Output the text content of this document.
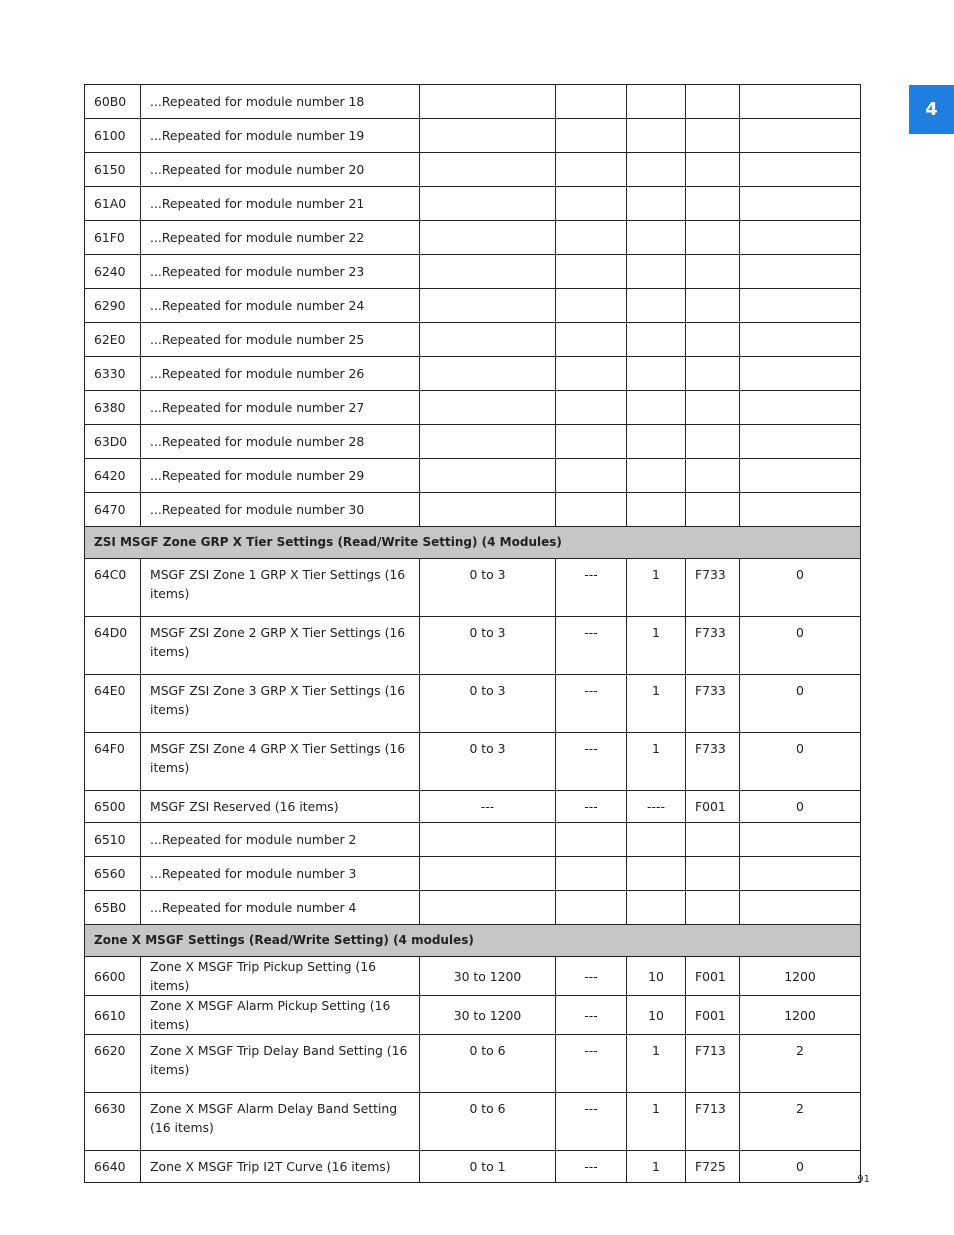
4
60B0	...Repeated for module number 18					
6100	...Repeated for module number 19					
6150	...Repeated for module number 20					
61A0	...Repeated for module number 21					
61F0	...Repeated for module number 22					
6240	...Repeated for module number 23					
6290	...Repeated for module number 24					
62E0	...Repeated for module number 25					
6330	...Repeated for module number 26					
6380	...Repeated for module number 27					
63D0	...Repeated for module number 28					
6420	...Repeated for module number 29					
6470	...Repeated for module number 30					
ZSI MSGF Zone GRP X Tier Settings (Read/Write Setting) (4 Modules)						
64C0	MSGF ZSI Zone 1 GRP X Tier Settings (16 items)	0 to 3	---	1	F733	0
64D0	MSGF ZSI Zone 2 GRP X Tier Settings (16 items)	0 to 3	---	1	F733	0
64E0	MSGF ZSI Zone 3 GRP X Tier Settings (16 items)	0 to 3	---	1	F733	0
64F0	MSGF ZSI Zone 4 GRP X Tier Settings (16 items)	0 to 3	---	1	F733	0
6500	MSGF ZSI Reserved (16 items)	---	---	----	F001	0
6510	...Repeated for module number 2					
6560	...Repeated for module number 3					
65B0	...Repeated for module number 4					
Zone X MSGF Settings (Read/Write Setting) (4 modules)						
6600	Zone X MSGF Trip Pickup Setting (16 items)	30 to 1200	---	10	F001	1200
6610	Zone X MSGF Alarm Pickup Setting (16 items)	30 to 1200	---	10	F001	1200
6620	Zone X MSGF Trip Delay Band Setting (16 items)	0 to 6	---	1	F713	2
6630	Zone X MSGF Alarm Delay Band Setting (16 items)	0 to 6	---	1	F713	2
6640	Zone X MSGF Trip I2T Curve (16 items)	0 to 1	---	1	F725	0
91
